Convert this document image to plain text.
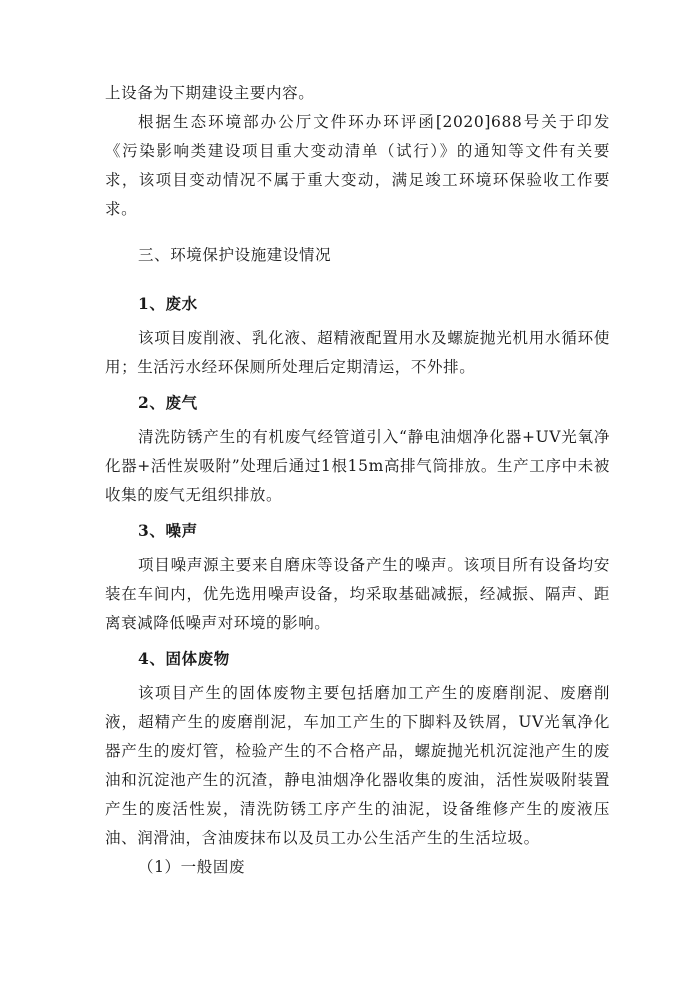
上设备为下期建设主要内容。

根据生态环境部办公厅文件环办环评函[2020]688号关于印发《污染影响类建设项目重大变动清单（试行）》的通知等文件有关要求，该项目变动情况不属于重大变动，满足竣工环境环保验收工作要求。

三、环境保护设施建设情况

1、废水

该项目废削液、乳化液、超精液配置用水及螺旋抛光机用水循环使用；生活污水经环保厕所处理后定期清运，不外排。

2、废气

清洗防锈产生的有机废气经管道引入“静电油烟净化器+UV光氧净化器+活性炭吸附”处理后通过1根15m高排气筒排放。生产工序中未被收集的废气无组织排放。

3、噪声

项目噪声源主要来自磨床等设备产生的噪声。该项目所有设备均安装在车间内，优先选用噪声设备，均采取基础减振，经减振、隔声、距离衰减降低噪声对环境的影响。

4、固体废物

该项目产生的固体废物主要包括磨加工产生的废磨削泥、废磨削液，超精产生的废磨削泥，车加工产生的下脚料及铁屑，UV光氧净化器产生的废灯管，检验产生的不合格产品，螺旋抛光机沉淀池产生的废油和沉淀池产生的沉渣，静电油烟净化器收集的废油，活性炭吸附装置产生的废活性炭，清洗防锈工序产生的油泥，设备维修产生的废液压油、润滑油，含油废抹布以及员工办公生活产生的生活垃圾。

（1）一般固废
